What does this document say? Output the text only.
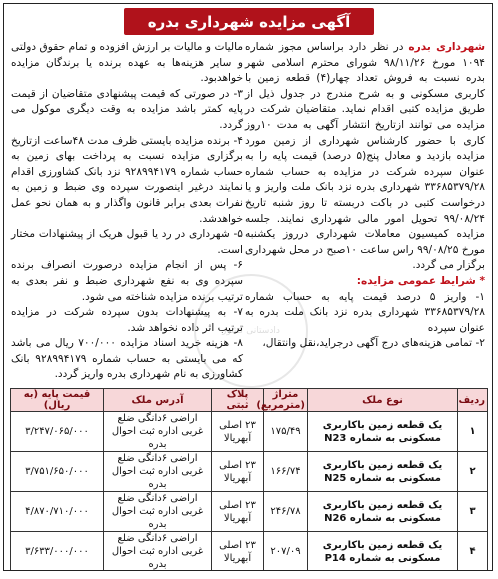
آگهی مزایده شهرداری بدره
دادستانی کشور

شهرداری بدره در نظر دارد براساس مجوز شماره ۱۰۹۴ مورخ ۹۸/۱۱/۲۶ شورای محترم اسلامی شهر بدره نسبت به فروش تعداد چهار(۴) قطعه زمین با کاربری مسکونی و به شرح مندرج در جدول ذیل از طریق مزایده کتبی اقدام نماید. متقاضیان شرکت در مزایده می توانند ازتاریخ انتشار آگهی به مدت ۱۰روز کاری با حضور کارشناس شهرداری از زمین مورد مزایده بازدید و معادل پنج(۵ درصد) قیمت پایه را به عنوان سپرده شرکت در مزایده به حساب شماره ۳۳۶۸۵۳۷۹/۲۸ شهرداری بدره نزد بانک ملت واریز و یا درخواست کتبی در باکت دربسته تا روز شنبه تاریخ ۹۹/۰۸/۲۴ تحویل امور مالی شهرداری نمایند. جلسه مزایده کمیسیون معاملات شهرداری درروز یکشنبه مورخ ۹۹/۰۸/۲۵ راس ساعت ۱۰صبح در محل شهرداری برگزار می گردد.

* شرایط عمومی مزایده:

۱- واریز ۵ درصد قیمت پایه به حساب شماره ۳۳۶۸۵۳۷۹/۲۸ شهرداری بدره نزد بانک ملت بدره به عنوان سپرده

۲- تمامی هزینه‌های درج آگهی درجراید،نقل وانتقال،

مالیات و مالیات بر ارزش افزوده و تمام حقوق دولتی و سایر هزینه‌ها به عهده برنده یا برندگان مزایده خواهدبود.

۳- در صورتی که قیمت پیشنهادی متقاضیان از قیمت پایه کمتر باشد مزایده به وقت دیگری موکول می گردد.

۴- برنده مزایده بایستی ظرف مدت ۴۸ساعت ازتاریخ برگزاری مزایده نسبت به پرداخت بهای زمین به حساب شماره ۹۲۸۹۹۴۱۷۹ نزد بانک کشاورزی اقدام نمایند درغیر اینصورت سپرده وی ضبط و زمین به نفرات بعدی برابر قانون واگذار و به همان نحو عمل خواهدشد.

۵- شهرداری در رد یا قبول هریک از پیشنهادات مختار است.

۶- پس از انجام مزایده درصورت انصراف برنده سپرده وی به نفع شهرداری ضبط و نفر بعدی به ترتیب برنده مزایده شناخته می شود.

۷- به پیشنهادات بدون سپرده شرکت در مزایده ترتیب اثر داده نخواهد شد.

۸- هزینه خرید اسناد مزایده ۷۰۰/۰۰۰ ریال می باشد که می بایستی به حساب شماره ۹۲۸۹۹۴۱۷۹ بانک کشاورزی به نام شهرداری بدره واریز گردد.

ردیف	نوع ملک	متراژ (مترمربع)	پلاک ثبتی	آدرس ملک	قیمت پایه (به ریال)
۱	یک قطعه زمین باکاربری مسکونی به شماره N23	۱۷۵/۴۹	۲۳ اصلی آبهریالا	اراضی ۶دانگی ضلع غربی اداره ثبت احوال بدره	۳/۲۴۷/۰۶۵/۰۰۰
۲	یک قطعه زمین باکاربری مسکونی به شماره N25	۱۶۶/۷۴	۲۳ اصلی آبهریالا	اراضی ۶دانگی ضلع غربی اداره ثبت احوال بدره	۳/۷۵۱/۶۵۰/۰۰۰
۳	یک قطعه زمین باکاربری مسکونی به شماره N26	۲۴۶/۷۸	۲۳ اصلی آبهریالا	اراضی ۶دانگی ضلع غربی اداره ثبت احوال بدره	۴/۸۷۰/۷۱۰/۰۰۰
۴	یک قطعه زمین باکاربری مسکونی به شماره P14	۲۰۷/۰۹	۲۳ اصلی آبهریالا	اراضی ۶دانگی ضلع غربی اداره ثبت احوال بدره	۳/۶۳۳/۰۰۰/۰۰۰
